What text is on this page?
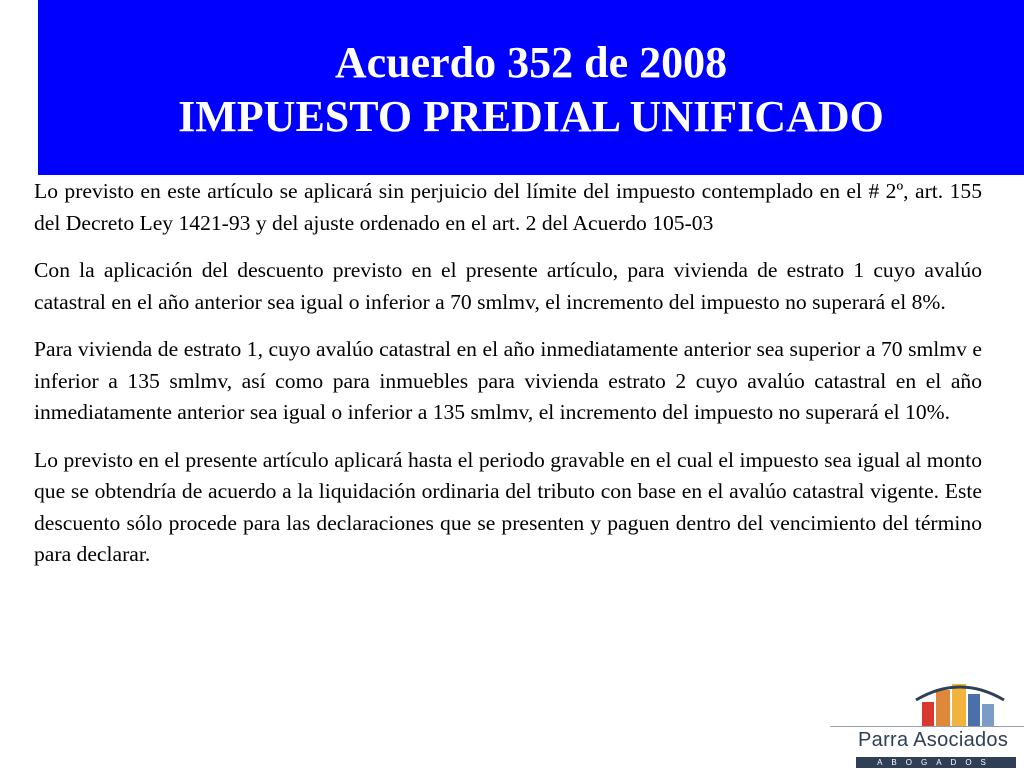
Acuerdo 352 de 2008
IMPUESTO PREDIAL UNIFICADO

Lo previsto en este artículo se aplicará sin perjuicio del límite del impuesto contemplado en el # 2º, art. 155 del Decreto Ley 1421-93 y del ajuste ordenado en el art. 2 del Acuerdo 105-03

Con la aplicación del descuento previsto en el presente artículo, para vivienda de estrato 1 cuyo avalúo catastral en el año anterior sea igual o inferior a 70 smlmv, el incremento del impuesto no superará el 8%.

Para vivienda de estrato 1, cuyo avalúo catastral en el año inmediatamente anterior sea superior a 70 smlmv e inferior a 135 smlmv, así como para inmuebles para vivienda estrato 2 cuyo avalúo catastral en el año inmediatamente anterior sea igual o inferior a 135 smlmv, el incremento del impuesto no superará el 10%.

Lo previsto en el presente artículo aplicará hasta el periodo gravable en el cual el impuesto sea igual al monto que se obtendría de acuerdo a la liquidación ordinaria del tributo con base en el avalúo catastral vigente. Este descuento sólo procede para las declaraciones que se presenten y paguen dentro del vencimiento del término para declarar.

Parra Asociados
ABOGADOS
